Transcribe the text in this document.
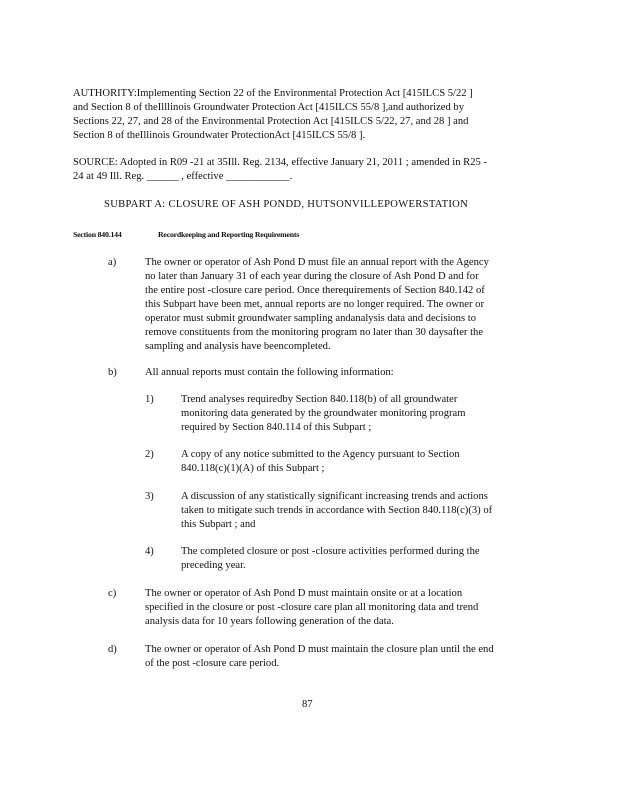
AUTHORITY:Implementing Section 22 of the Environmental Protection Act [415ILCS 5/22 ]
and Section 8 of theIlllinois Groundwater Protection Act [415ILCS 55/8 ],and authorized by
Sections 22, 27, and 28 of the Environmental Protection Act [415ILCS 5/22, 27, and 28 ] and
Section 8 of theIllinois Groundwater ProtectionAct [415ILCS 55/8 ].
SOURCE: Adopted in R09 -21 at 35Ill. Reg. 2134, effective January 21, 2011 ; amended in R25 -
24 at 49 Ill. Reg. ______ , effective ____________.
SUBPART A: CLOSURE OF ASH PONDD, HUTSONVILLEPOWERSTATION
Section 840.144	Recordkeeping and Reporting Requirements
a)	The owner or operator of Ash Pond D must file an annual report with the Agency
no later than January 31 of each year during the closure of Ash Pond D and for
the entire post -closure care period. Once therequirements of Section 840.142 of
this Subpart have been met, annual reports are no longer required. The owner or
operator must submit groundwater sampling andanalysis data and decisions to
remove constituents from the monitoring program no later than 30 daysafter the
sampling and analysis have beencompleted.
b)	All annual reports must contain the following information:
1)	Trend analyses requiredby Section 840.118(b) of all groundwater
monitoring data generated by the groundwater monitoring program
required by Section 840.114 of this Subpart ;
2)	A copy of any notice submitted to the Agency pursuant to Section
840.118(c)(1)(A) of this Subpart ;
3)	A discussion of any statistically significant increasing trends and actions
taken to mitigate such trends in accordance with Section 840.118(c)(3) of
this Subpart ; and
4)	The completed closure or post -closure activities performed during the
preceding year.
c)	The owner or operator of Ash Pond D must maintain onsite or at a location
specified in the closure or post -closure care plan all monitoring data and trend
analysis data for 10 years following generation of the data.
d)	The owner or operator of Ash Pond D must maintain the closure plan until the end
of the post -closure care period.
87
